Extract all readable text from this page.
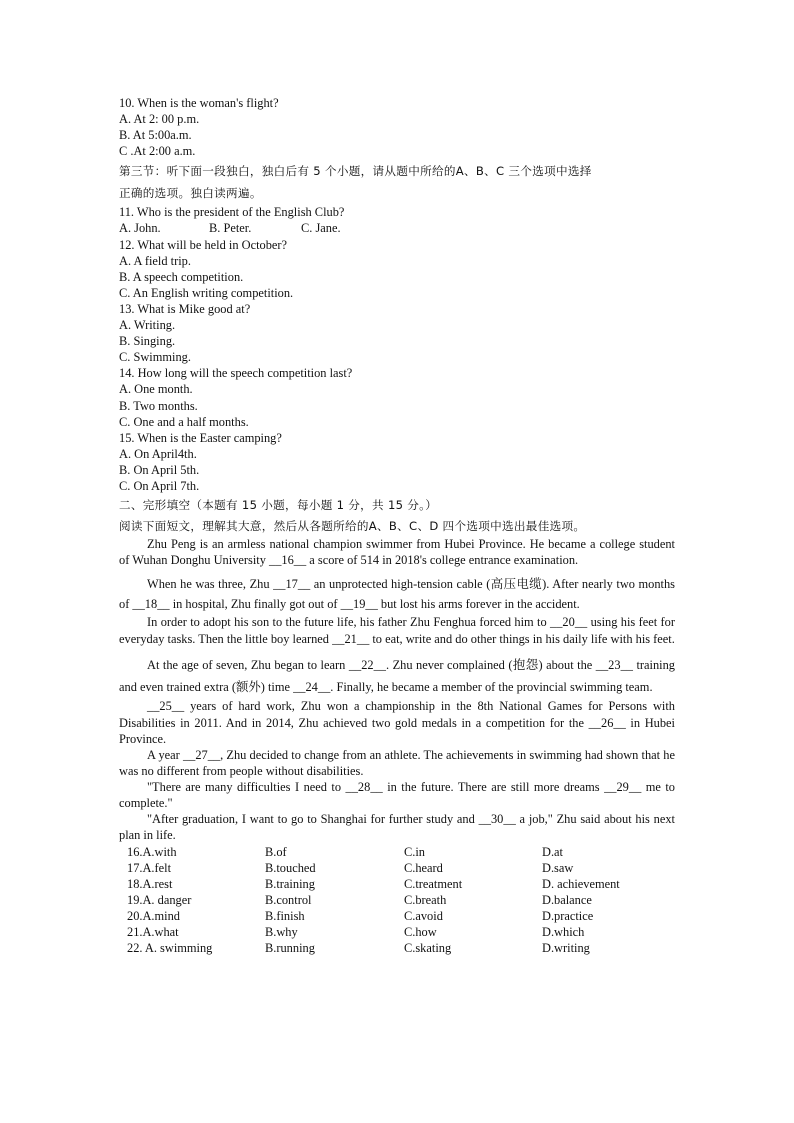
10. When is the woman's flight?
A. At 2: 00 p.m.
B. At 5:00a.m.
C .At 2:00 a.m.
第三节：听下面一段独白，独白后有 5 个小题，请从题中所给的A、B、C 三个选项中选择
正确的选项。独白读两遍。
11. Who is the president of the English Club?
A. John.	B. Peter.	C. Jane.
12. What will be held in October?
A. A field trip.
B. A speech competition.
C. An English writing competition.
13. What is Mike good at?
A. Writing.
B. Singing.
C. Swimming.
14. How long will the speech competition last?
A. One month.
B. Two months.
C. One and a half months.
15. When is the Easter camping?
A. On April4th.
B. On April 5th.
C. On April 7th.
二、完形填空（本题有 15 小题，每小题 1 分，共 15 分。）
阅读下面短文，理解其大意，然后从各题所给的A、B、C、D 四个选项中选出最佳选项。
Zhu Peng is an armless national champion swimmer from Hubei Province. He became a college student of Wuhan Donghu University __16__ a score of 514 in 2018's college entrance examination.
When he was three, Zhu __17__ an unprotected high-tension cable (高压电缆). After nearly two months of __18__ in hospital, Zhu finally got out of __19__ but lost his arms forever in the accident.
In order to adopt his son to the future life, his father Zhu Fenghua forced him to __20__ using his feet for everyday tasks. Then the little boy learned __21__ to eat, write and do other things in his daily life with his feet.
At the age of seven, Zhu began to learn __22__. Zhu never complained (抱怨) about the __23__ training and even trained extra (额外) time __24__. Finally, he became a member of the provincial swimming team.
__25__ years of hard work, Zhu won a championship in the 8th National Games for Persons with Disabilities in 2011. And in 2014, Zhu achieved two gold medals in a competition for the __26__ in Hubei Province.
A year __27__, Zhu decided to change from an athlete. The achievements in swimming had shown that he was no different from people without disabilities.
"There are many difficulties I need to __28__ in the future. There are still more dreams __29__ me to complete."
"After graduation, I want to go to Shanghai for further study and __30__ a job," Zhu said about his next plan in life.
16.A.with	B.of	C.in	D.at
17.A.felt	B.touched	C.heard	D.saw
18.A.rest	B.training	C.treatment	D. achievement
19.A. danger	B.control	C.breath	D.balance
20.A.mind	B.finish	C.avoid	D.practice
21.A.what	B.why	C.how	D.which
22. A. swimming	B.running	C.skating	D.writing
